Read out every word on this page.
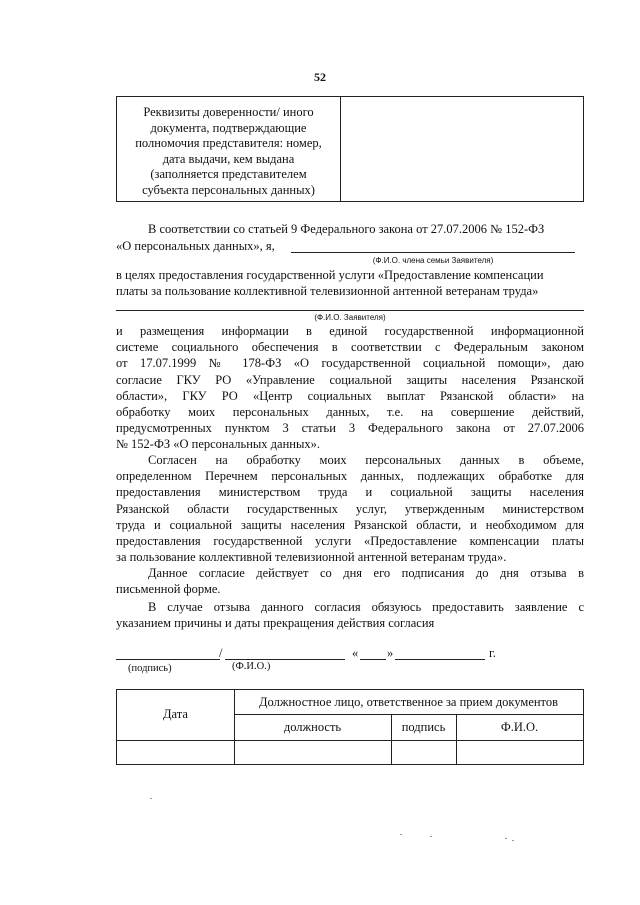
52
Реквизиты доверенности/ иного
документа, подтверждающие
полномочия представителя: номер,
дата выдачи, кем выдана
(заполняется представителем
субъекта персональных данных)
В соответствии со статьей 9 Федерального закона от 27.07.2006 № 152-ФЗ
«О персональных данных», я,
(Ф.И.О. члена семьи Заявителя)
в целях предоставления государственной услуги «Предоставление компенсации
платы за пользование коллективной телевизионной антенной ветеранам труда»
(Ф.И.О. Заявителя)
и размещения информации в единой государственной информационной
системе социального обеспечения в соответствии с Федеральным законом
от 17.07.1999 № 178-ФЗ «О государственной социальной помощи», даю
согласие ГКУ РО «Управление социальной защиты населения Рязанской
области», ГКУ РО «Центр социальных выплат Рязанской области» на
обработку моих персональных данных, т.е. на совершение действий,
предусмотренных пунктом 3 статьи 3 Федерального закона от 27.07.2006
№ 152-ФЗ «О персональных данных».
Согласен на обработку моих персональных данных в объеме,
определенном Перечнем персональных данных, подлежащих обработке для
предоставления министерством труда и социальной защиты населения
Рязанской области государственных услуг, утвержденным министерством
труда и социальной защиты населения Рязанской области, и необходимом для
предоставления государственной услуги «Предоставление компенсации платы
за пользование коллективной телевизионной антенной ветеранам труда».
Данное согласие действует со дня его подписания до дня отзыва в
письменной форме.
В случае отзыва данного согласия обязуюсь предоставить заявление с
указанием причины и даты прекращения действия согласия
/	« »	г.
(подпись)	(Ф.И.О.)
Дата
Должностное лицо, ответственное за прием документов
должность	подпись	Ф.И.О.
